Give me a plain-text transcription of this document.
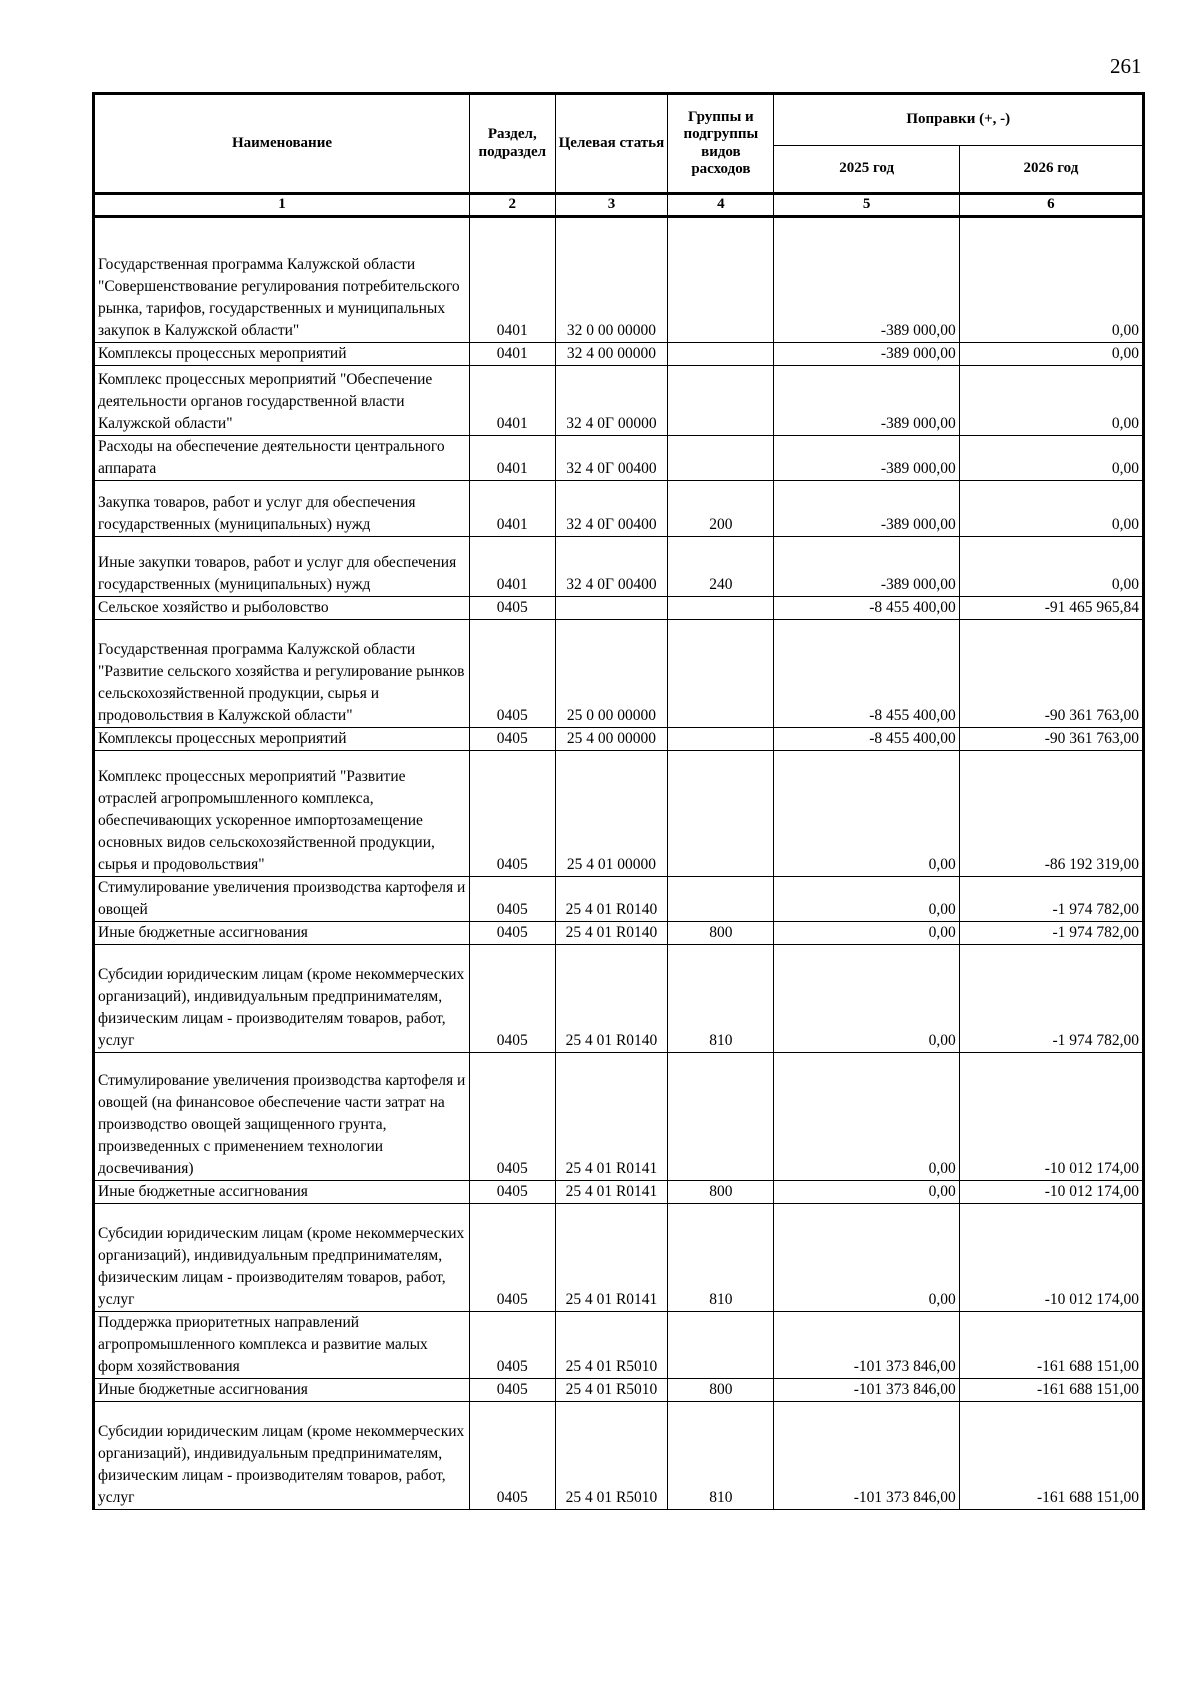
261
Наименование	Раздел, подраздел	Целевая статья	Группы и подгруппы видов расходов	Поправки (+, -)	
				2025 год	2026 год
1	2	3	4	5	6
Государственная программа Калужской области "Совершенствование регулирования потребительского рынка, тарифов, государственных и муниципальных закупок в Калужской области"	0401	32 0 00 00000		-389 000,00	0,00
Комплексы процессных мероприятий	0401	32 4 00 00000		-389 000,00	0,00
Комплекс процессных мероприятий "Обеспечение деятельности органов государственной власти Калужской области"	0401	32 4 0Г 00000		-389 000,00	0,00
Расходы на обеспечение деятельности центрального аппарата	0401	32 4 0Г 00400		-389 000,00	0,00
Закупка товаров, работ и услуг для обеспечения государственных (муниципальных) нужд	0401	32 4 0Г 00400	200	-389 000,00	0,00
Иные закупки товаров, работ и услуг для обеспечения государственных (муниципальных) нужд	0401	32 4 0Г 00400	240	-389 000,00	0,00
Сельское хозяйство и рыболовство	0405			-8 455 400,00	-91 465 965,84
Государственная программа Калужской области "Развитие сельского хозяйства и регулирование рынков сельскохозяйственной продукции, сырья и продовольствия в Калужской области"	0405	25 0 00 00000		-8 455 400,00	-90 361 763,00
Комплексы процессных мероприятий	0405	25 4 00 00000		-8 455 400,00	-90 361 763,00
Комплекс процессных мероприятий "Развитие отраслей агропромышленного комплекса, обеспечивающих ускоренное импортозамещение основных видов сельскохозяйственной продукции, сырья и продовольствия"	0405	25 4 01 00000		0,00	-86 192 319,00
Стимулирование увеличения производства картофеля и овощей	0405	25 4 01 R0140		0,00	-1 974 782,00
Иные бюджетные ассигнования	0405	25 4 01 R0140	800	0,00	-1 974 782,00
Субсидии юридическим лицам (кроме некоммерческих организаций), индивидуальным предпринимателям, физическим лицам - производителям товаров, работ, услуг	0405	25 4 01 R0140	810	0,00	-1 974 782,00
Стимулирование увеличения производства картофеля и овощей (на финансовое обеспечение части затрат на производство овощей защищенного грунта, произведенных с применением технологии досвечивания)	0405	25 4 01 R0141		0,00	-10 012 174,00
Иные бюджетные ассигнования	0405	25 4 01 R0141	800	0,00	-10 012 174,00
Субсидии юридическим лицам (кроме некоммерческих организаций), индивидуальным предпринимателям, физическим лицам - производителям товаров, работ, услуг	0405	25 4 01 R0141	810	0,00	-10 012 174,00
Поддержка приоритетных направлений агропромышленного комплекса и развитие малых форм хозяйствования	0405	25 4 01 R5010		-101 373 846,00	-161 688 151,00
Иные бюджетные ассигнования	0405	25 4 01 R5010	800	-101 373 846,00	-161 688 151,00
Субсидии юридическим лицам (кроме некоммерческих организаций), индивидуальным предпринимателям, физическим лицам - производителям товаров, работ, услуг	0405	25 4 01 R5010	810	-101 373 846,00	-161 688 151,00
